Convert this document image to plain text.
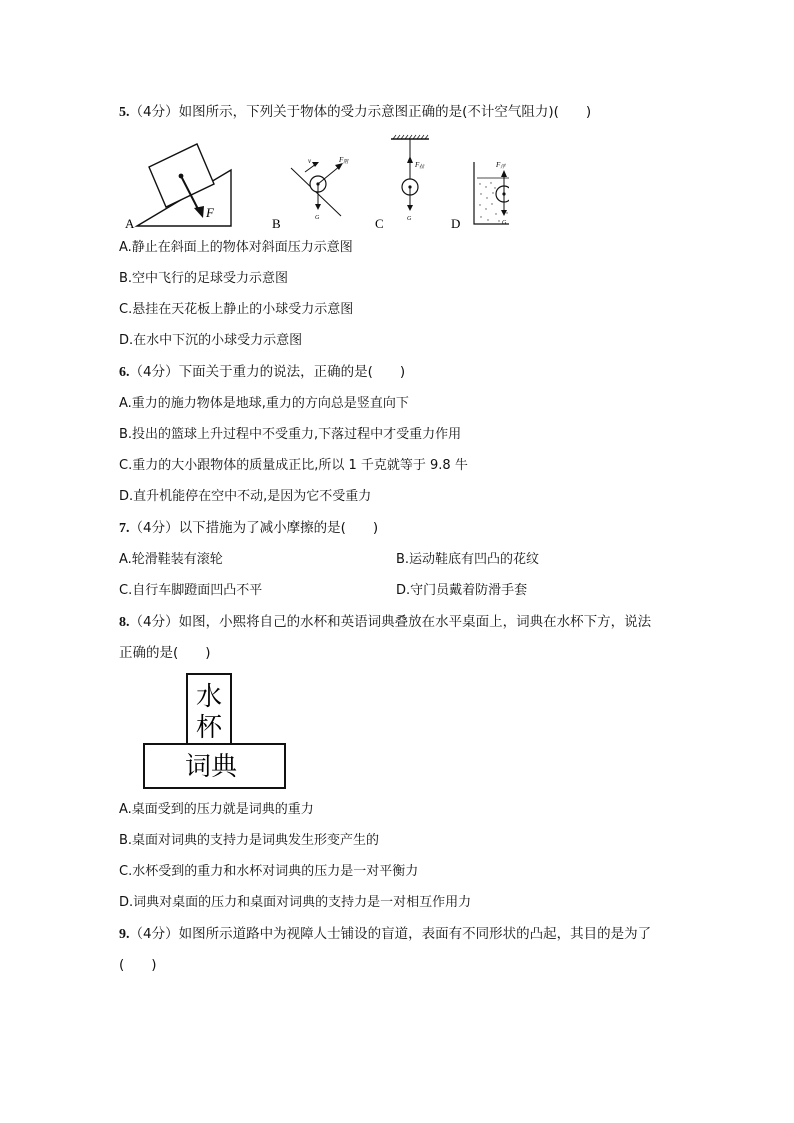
5.（4分）如图所示，下列关于物体的受力示意图正确的是(不计空气阻力)(　　)
F
A
v	F阻
G
B
F拉
G
C
F浮
G
D
A.静止在斜面上的物体对斜面压力示意图
B.空中飞行的足球受力示意图
C.悬挂在天花板上静止的小球受力示意图
D.在水中下沉的小球受力示意图
6.（4分）下面关于重力的说法，正确的是(　　)
A.重力的施力物体是地球,重力的方向总是竖直向下
B.投出的篮球上升过程中不受重力,下落过程中才受重力作用
C.重力的大小跟物体的质量成正比,所以 1 千克就等于 9.8 牛
D.直升机能停在空中不动,是因为它不受重力
7.（4分）以下措施为了减小摩擦的是(　　)
A.轮滑鞋装有滚轮	B.运动鞋底有凹凸的花纹
C.自行车脚蹬面凹凸不平	D.守门员戴着防滑手套
8.（4分）如图，小熙将自己的水杯和英语词典叠放在水平桌面上，词典在水杯下方，说法
正确的是(　　)
水
杯
词典
A.桌面受到的压力就是词典的重力
B.桌面对词典的支持力是词典发生形变产生的
C.水杯受到的重力和水杯对词典的压力是一对平衡力
D.词典对桌面的压力和桌面对词典的支持力是一对相互作用力
9.（4分）如图所示道路中为视障人士铺设的盲道，表面有不同形状的凸起，其目的是为了
(　　)
